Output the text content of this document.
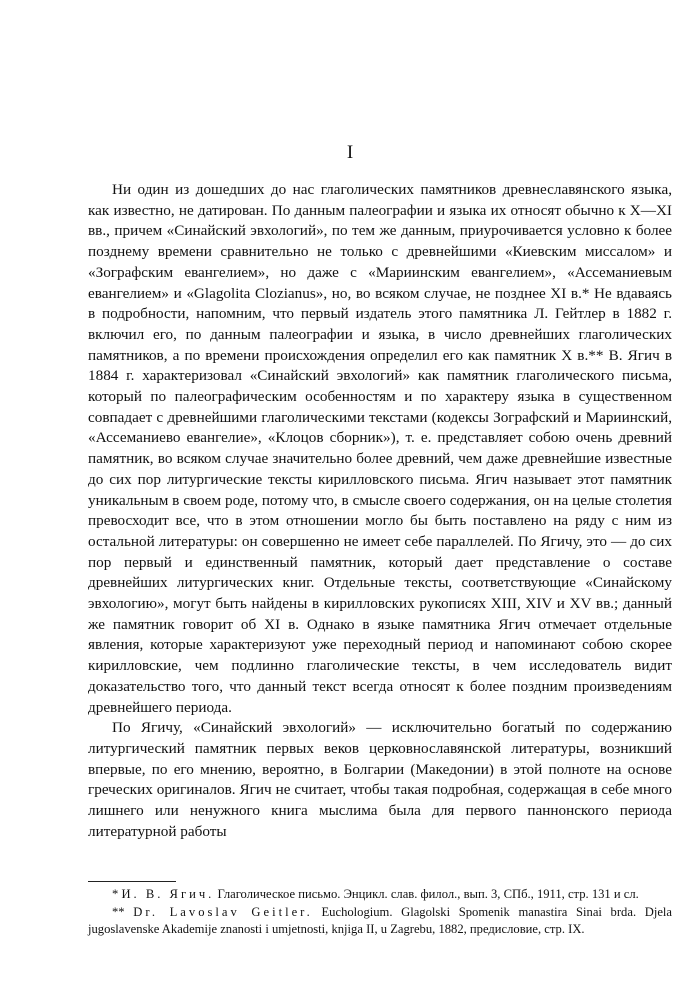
I

Ни один из дошедших до нас глаголических памятников древнеславянского языка, как известно, не датирован. По данным палеографии и языка их относят обычно к X—XI вв., причем «Синайский эвхологий», по тем же данным, приурочивается условно к более позднему времени сравнительно не только с древнейшими «Киевским миссалом» и «Зографским евангелием», но даже с «Мариинским евангелием», «Ассеманиевым евангелием» и «Glagolita Clozianus», но, во всяком случае, не позднее XI в.* Не вдаваясь в подробности, напомним, что первый издатель этого памятника Л. Гейтлер в 1882 г. включил его, по данным палеографии и языка, в число древнейших глаголических памятников, а по времени происхождения определил его как памятник X в.** В. Ягич в 1884 г. характеризовал «Синайский эвхологий» как памятник глаголического письма, который по палеографическим особенностям и по характеру языка в существенном совпадает с древнейшими глаголическими текстами (кодексы Зографский и Мариинский, «Ассеманиево евангелие», «Клоцов сборник»), т. е. представляет собою очень древний памятник, во всяком случае значительно более древний, чем даже древнейшие известные до сих пор литургические тексты кирилловского письма. Ягич называет этот памятник уникальным в своем роде, потому что, в смысле своего содержания, он на целые столетия превосходит все, что в этом отношении могло бы быть поставлено на ряду с ним из остальной литературы: он совершенно не имеет себе параллелей. По Ягичу, это — до сих пор первый и единственный памятник, который дает представление о составе древнейших литургических книг. Отдельные тексты, соответствующие «Синайскому эвхологию», могут быть найдены в кирилловских рукописях XIII, XIV и XV вв.; данный же памятник говорит об XI в. Однако в языке памятника Ягич отмечает отдельные явления, которые характеризуют уже переходный период и напоминают собою скорее кирилловские, чем подлинно глаголические тексты, в чем исследователь видит доказательство того, что данный текст всегда относят к более поздним произведениям древнейшего периода.

По Ягичу, «Синайский эвхологий» — исключительно богатый по содержанию литургический памятник первых веков церковнославянской литературы, возникший впервые, по его мнению, вероятно, в Болгарии (Македонии) в этой полноте на основе греческих оригиналов. Ягич не считает, чтобы такая подробная, содержащая в себе много лишнего или ненужного книга мыслима была для первого паннонского периода литературной работы

* И. В. Ягич. Глаголическое письмо. Энцикл. слав. филол., вып. 3, СПб., 1911, стр. 131 и сл.

** Dr. Lavoslav Geitler. Euchologium. Glagolski Spomenik manastira Sinai brda. Djela jugoslavenske Akademije znanosti i umjetnosti, knjiga II, u Zagrebu, 1882, предисловие, стр. IX.
